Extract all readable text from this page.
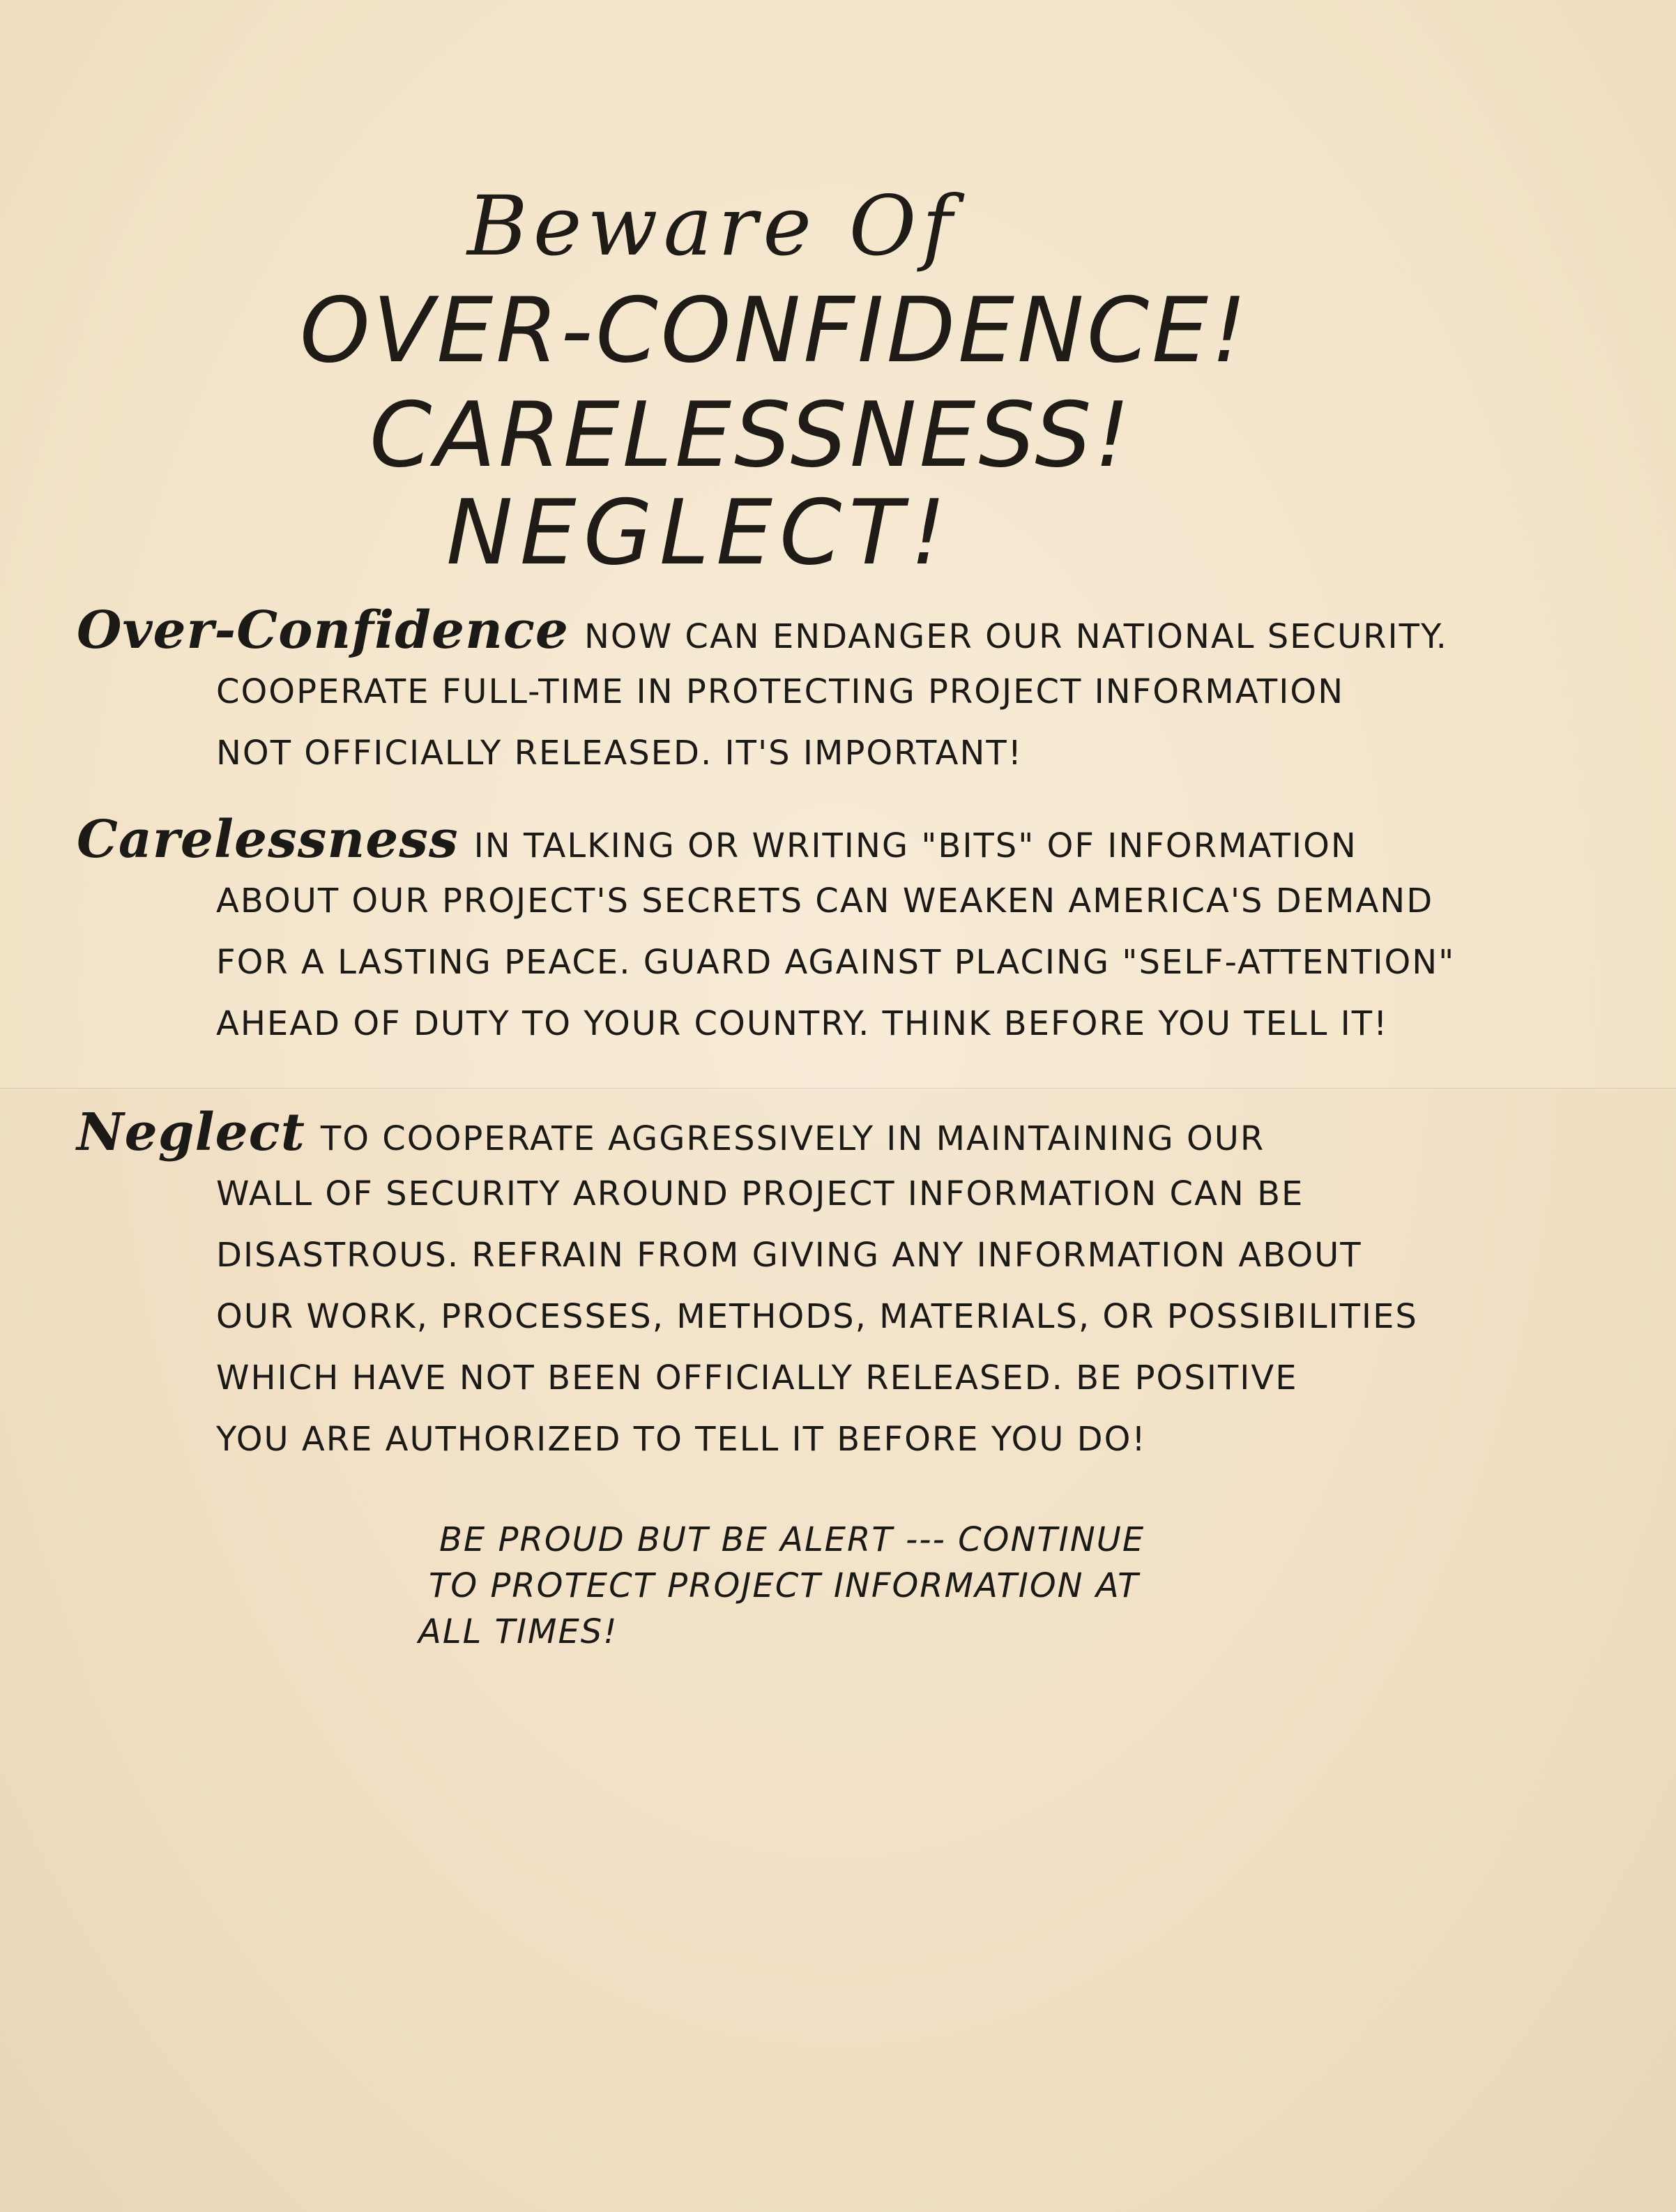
Beware Of
OVER-CONFIDENCE!
CARELESSNESS!
NEGLECT!
Over-Confidence NOW CAN ENDANGER OUR NATIONAL SECURITY.
COOPERATE FULL-TIME IN PROTECTING PROJECT INFORMATION
NOT OFFICIALLY RELEASED. IT'S IMPORTANT!
Carelessness IN TALKING OR WRITING "BITS" OF INFORMATION
ABOUT OUR PROJECT'S SECRETS CAN WEAKEN AMERICA'S DEMAND
FOR A LASTING PEACE. GUARD AGAINST PLACING "SELF-ATTENTION"
AHEAD OF DUTY TO YOUR COUNTRY. THINK BEFORE YOU TELL IT!
Neglect TO COOPERATE AGGRESSIVELY IN MAINTAINING OUR
WALL OF SECURITY AROUND PROJECT INFORMATION CAN BE
DISASTROUS. REFRAIN FROM GIVING ANY INFORMATION ABOUT
OUR WORK, PROCESSES, METHODS, MATERIALS, OR POSSIBILITIES
WHICH HAVE NOT BEEN OFFICIALLY RELEASED. BE POSITIVE
YOU ARE AUTHORIZED TO TELL IT BEFORE YOU DO!
BE PROUD BUT BE ALERT --- CONTINUE
TO PROTECT PROJECT INFORMATION AT
ALL TIMES!
